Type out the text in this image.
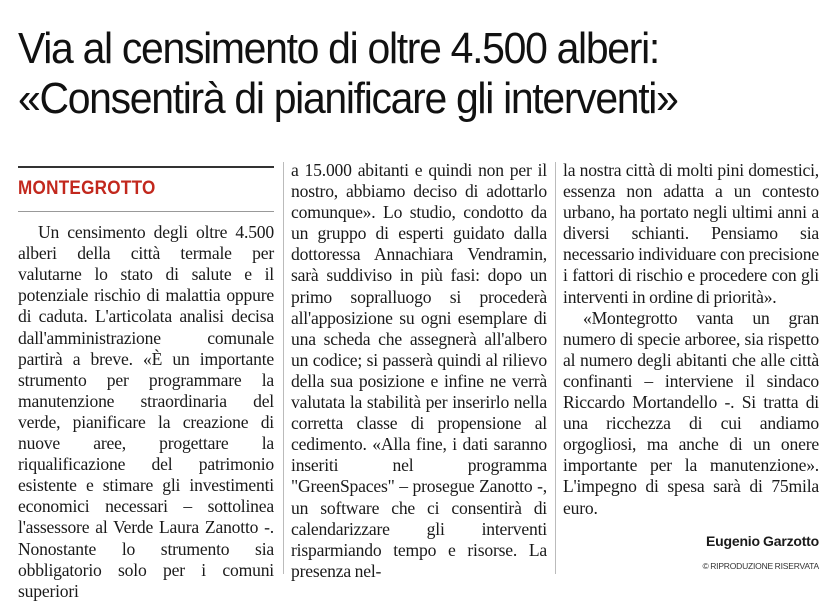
Via al censimento di oltre 4.500 alberi:
«Consentirà di pianificare gli interventi»
MONTEGROTTO

Un censimento degli oltre 4.500 alberi della città termale per valutarne lo stato di salute e il potenziale rischio di malattia oppure di caduta. L'articolata analisi decisa dall'amministrazione comunale partirà a breve. «È un importante strumento per programmare la manutenzione straordinaria del verde, pianificare la creazione di nuove aree, progettare la riqualificazione del patrimonio esistente e stimare gli investimenti economici necessari – sottolinea l'assessore al Verde Laura Zanotto -. Nonostante lo strumento sia obbligatorio solo per i comuni superiori

a 15.000 abitanti e quindi non per il nostro, abbiamo deciso di adottarlo comunque». Lo studio, condotto da un gruppo di esperti guidato dalla dottoressa Annachiara Vendramin, sarà suddiviso in più fasi: dopo un primo sopralluogo si procederà all'apposizione su ogni esemplare di una scheda che assegnerà all'albero un codice; si passerà quindi al rilievo della sua posizione e infine ne verrà valutata la stabilità per inserirlo nella corretta classe di propensione al cedimento. «Alla fine, i dati saranno inseriti nel programma "GreenSpaces" – prosegue Zanotto -, un software che ci consentirà di calendarizzare gli interventi risparmiando tempo e risorse. La presenza nel-

la nostra città di molti pini domestici, essenza non adatta a un contesto urbano, ha portato negli ultimi anni a diversi schianti. Pensiamo sia necessario individuare con precisione i fattori di rischio e procedere con gli interventi in ordine di priorità».

«Montegrotto vanta un gran numero di specie arboree, sia rispetto al numero degli abitanti che alle città confinanti – interviene il sindaco Riccardo Mortandello -. Si tratta di una ricchezza di cui andiamo orgogliosi, ma anche di un onere importante per la manutenzione». L'impegno di spesa sarà di 75mila euro.

Eugenio Garzotto
© RIPRODUZIONE RISERVATA
